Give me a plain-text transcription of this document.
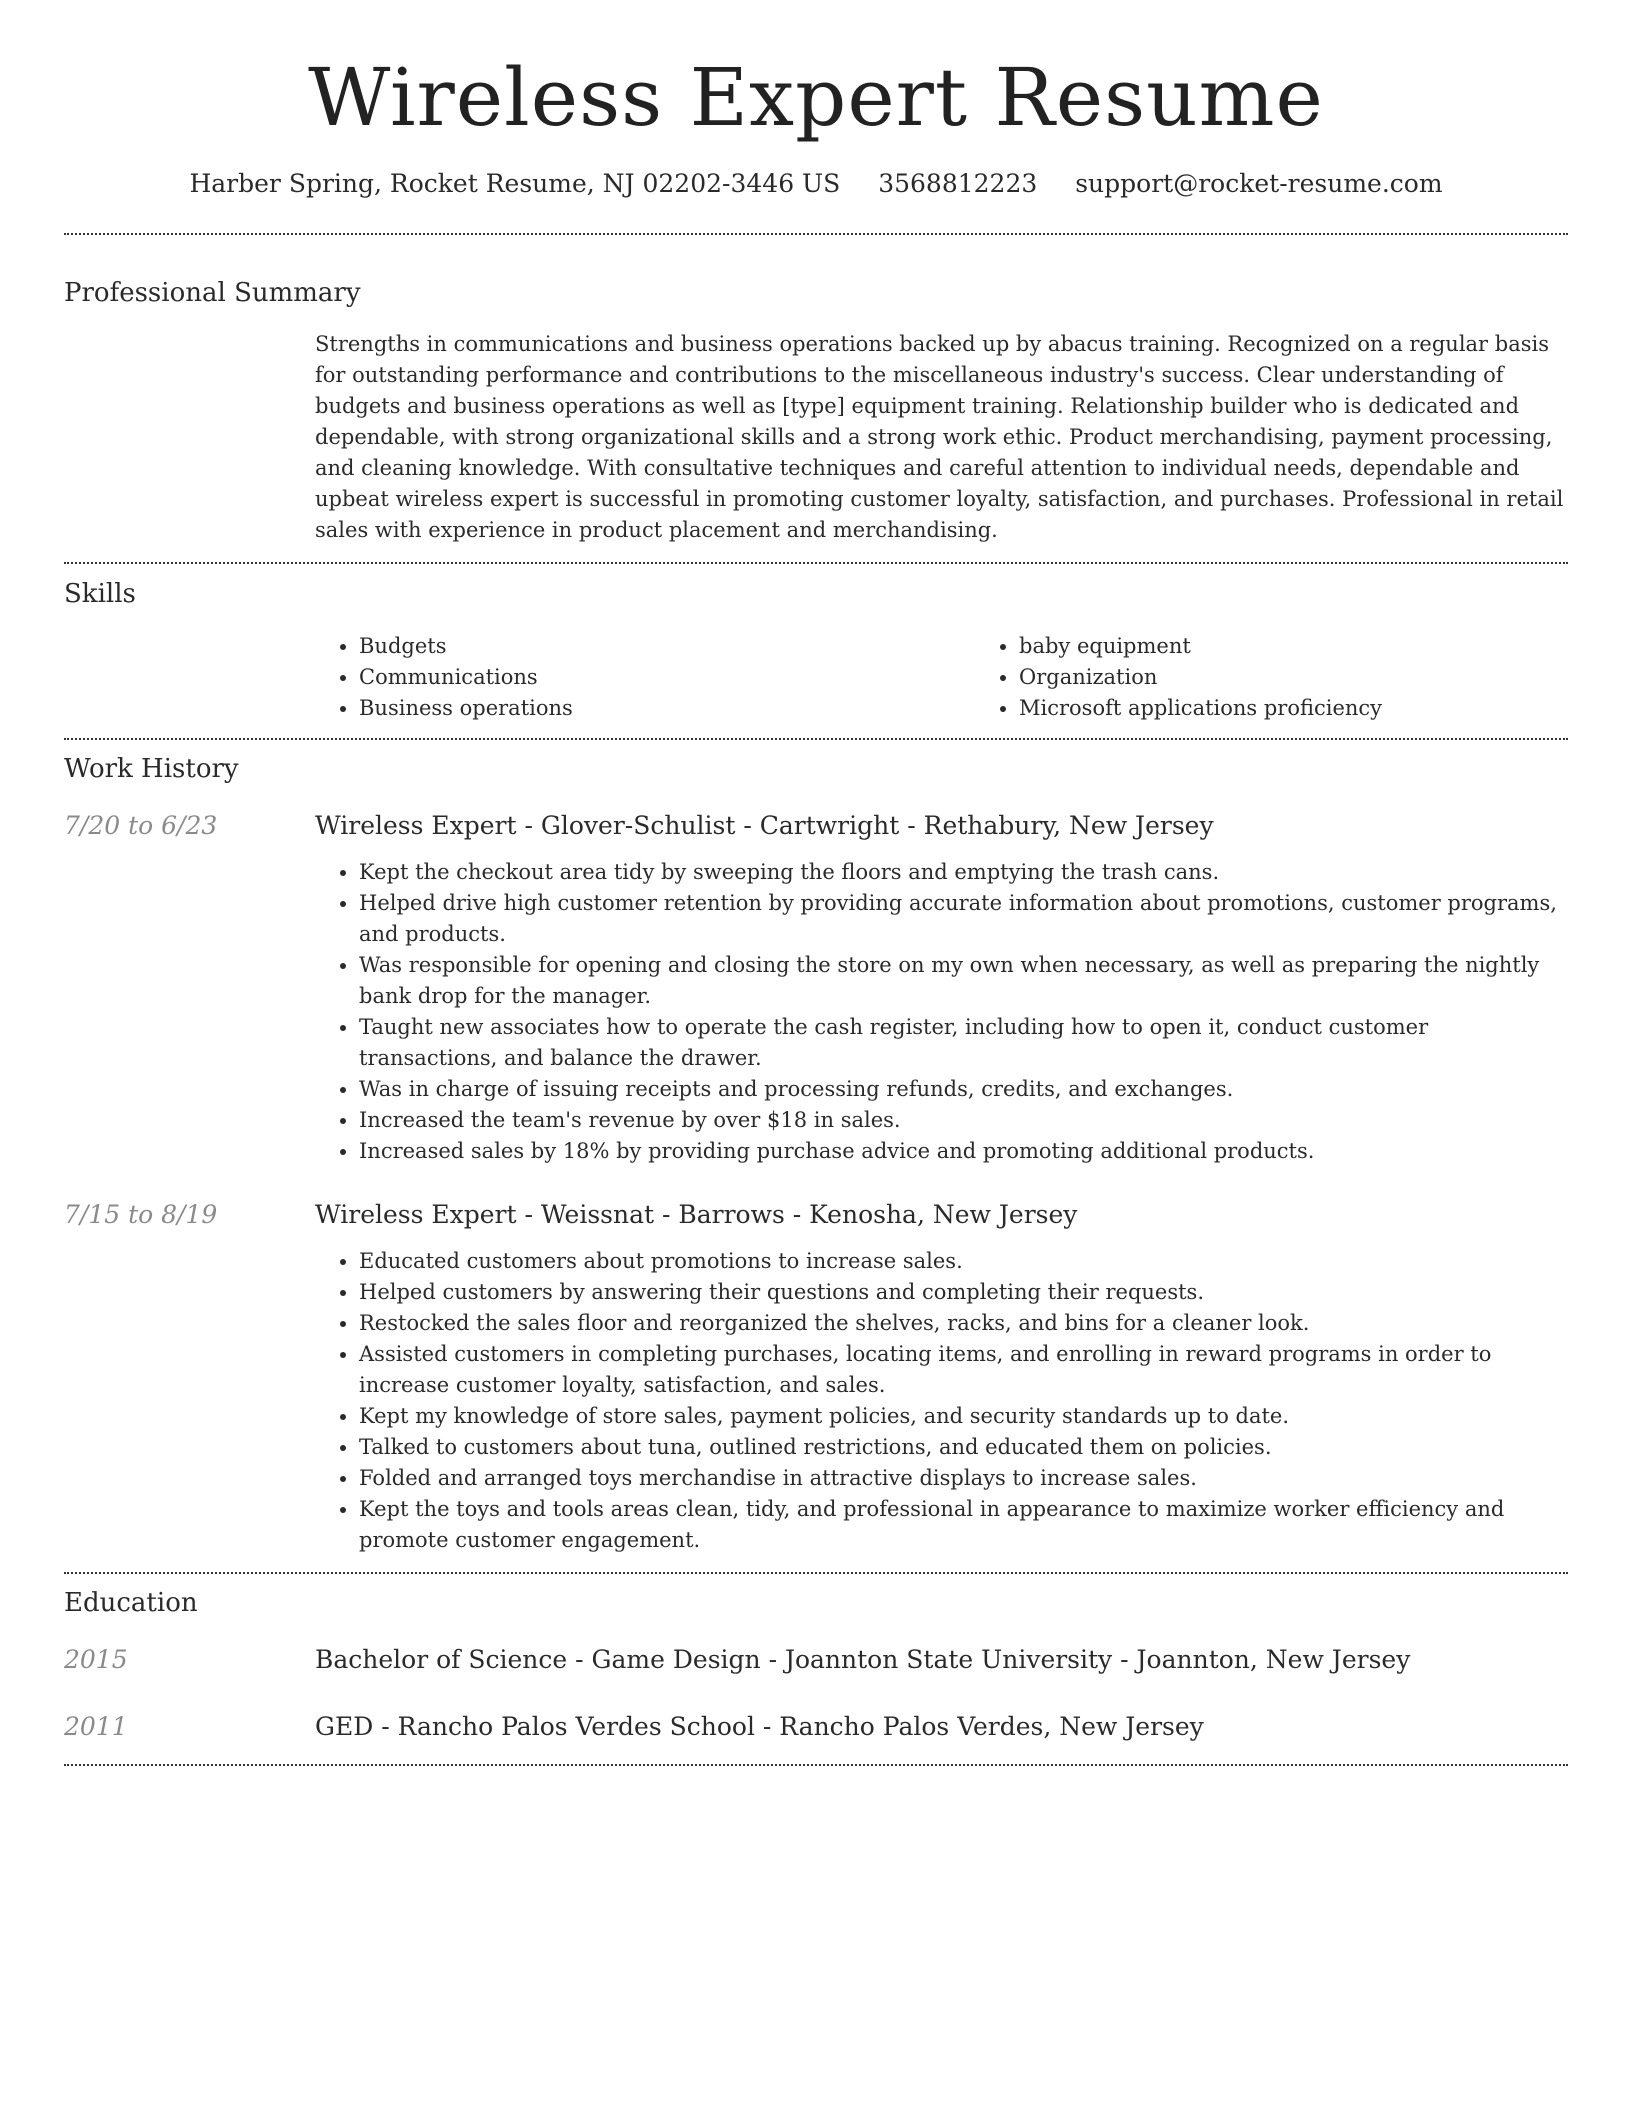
Wireless Expert Resume
Harber Spring, Rocket Resume, NJ 02202-3446 US 3568812223 support@rocket-resume.com
Professional Summary

Strengths in communications and business operations backed up by abacus training. Recognized on a regular basis for outstanding performance and contributions to the miscellaneous industry's success. Clear understanding of budgets and business operations as well as [type] equipment training. Relationship builder who is dedicated and dependable, with strong organizational skills and a strong work ethic. Product merchandising, payment processing, and cleaning knowledge. With consultative techniques and careful attention to individual needs, dependable and upbeat wireless expert is successful in promoting customer loyalty, satisfaction, and purchases. Professional in retail sales with experience in product placement and merchandising.

Skills
• Budgets
• Communications
• Business operations
• baby equipment
• Organization
• Microsoft applications proficiency
Work History
7/20 to 6/23	Wireless Expert - Glover-Schulist - Cartwright - Rethabury, New Jersey
• Kept the checkout area tidy by sweeping the floors and emptying the trash cans.
• Helped drive high customer retention by providing accurate information about promotions, customer programs, and products.
• Was responsible for opening and closing the store on my own when necessary, as well as preparing the nightly bank drop for the manager.
• Taught new associates how to operate the cash register, including how to open it, conduct customer transactions, and balance the drawer.
• Was in charge of issuing receipts and processing refunds, credits, and exchanges.
• Increased the team's revenue by over $18 in sales.
• Increased sales by 18% by providing purchase advice and promoting additional products.
7/15 to 8/19	Wireless Expert - Weissnat - Barrows - Kenosha, New Jersey
• Educated customers about promotions to increase sales.
• Helped customers by answering their questions and completing their requests.
• Restocked the sales floor and reorganized the shelves, racks, and bins for a cleaner look.
• Assisted customers in completing purchases, locating items, and enrolling in reward programs in order to increase customer loyalty, satisfaction, and sales.
• Kept my knowledge of store sales, payment policies, and security standards up to date.
• Talked to customers about tuna, outlined restrictions, and educated them on policies.
• Folded and arranged toys merchandise in attractive displays to increase sales.
• Kept the toys and tools areas clean, tidy, and professional in appearance to maximize worker efficiency and promote customer engagement.
Education
2015	Bachelor of Science - Game Design - Joannton State University - Joannton, New Jersey
2011	GED - Rancho Palos Verdes School - Rancho Palos Verdes, New Jersey
